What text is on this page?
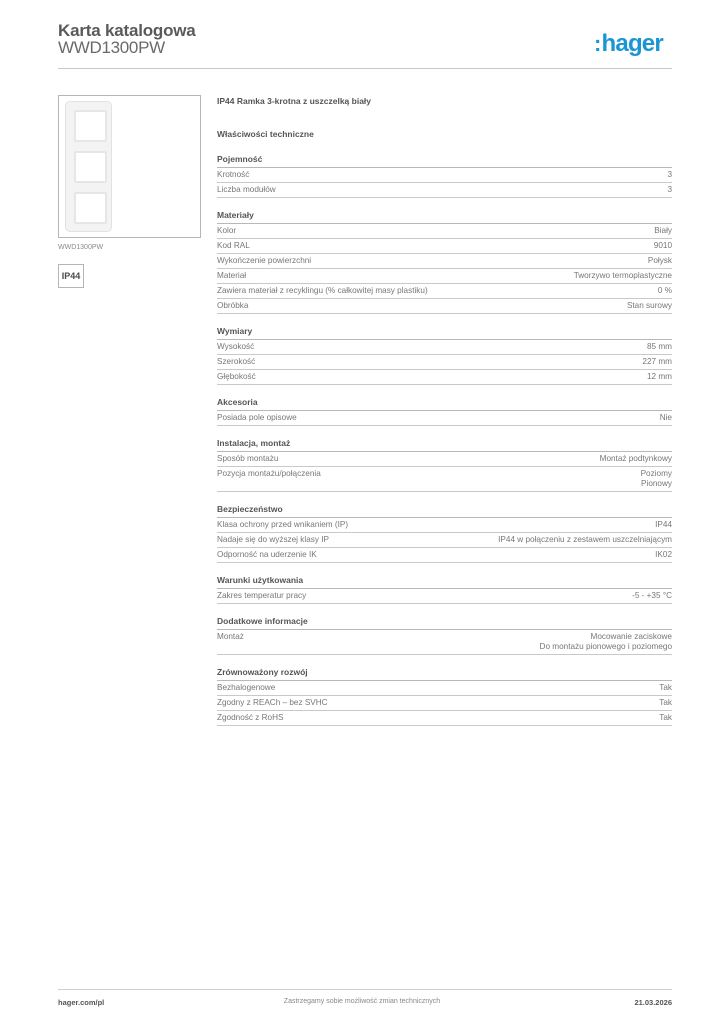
Karta katalogowa
WWD1300PW	:hager
WWD1300PW
IP44
IP44 Ramka 3-krotna z uszczelką biały
Właściwości techniczne
Pojemność
Krotność	3
Liczba modułów	3
Materiały
Kolor	Biały
Kod RAL	9010
Wykończenie powierzchni	Połysk
Materiał	Tworzywo termoplastyczne
Zawiera materiał z recyklingu (% całkowitej masy plastiku)	0 %
Obróbka	Stan surowy
Wymiary
Wysokość	85 mm
Szerokość	227 mm
Głębokość	12 mm
Akcesoria
Posiada pole opisowe	Nie
Instalacja, montaż
Sposób montażu	Montaż podtynkowy
Pozycja montażu/połączenia	Poziomy
Pionowy
Bezpieczeństwo
Klasa ochrony przed wnikaniem (IP)	IP44
Nadaje się do wyższej klasy IP	IP44 w połączeniu z zestawem uszczelniającym
Odporność na uderzenie IK	IK02
Warunki użytkowania
Zakres temperatur pracy	-5 - +35 °C
Dodatkowe informacje
Montaż	Mocowanie zaciskowe
Do montażu pionowego i poziomego
Zrównoważony rozwój
Bezhalogenowe	Tak
Zgodny z REACh – bez SVHC	Tak
Zgodność z RoHS	Tak
hager.com/pl	Zastrzegamy sobie możliwość zmian technicznych	21.03.2026
